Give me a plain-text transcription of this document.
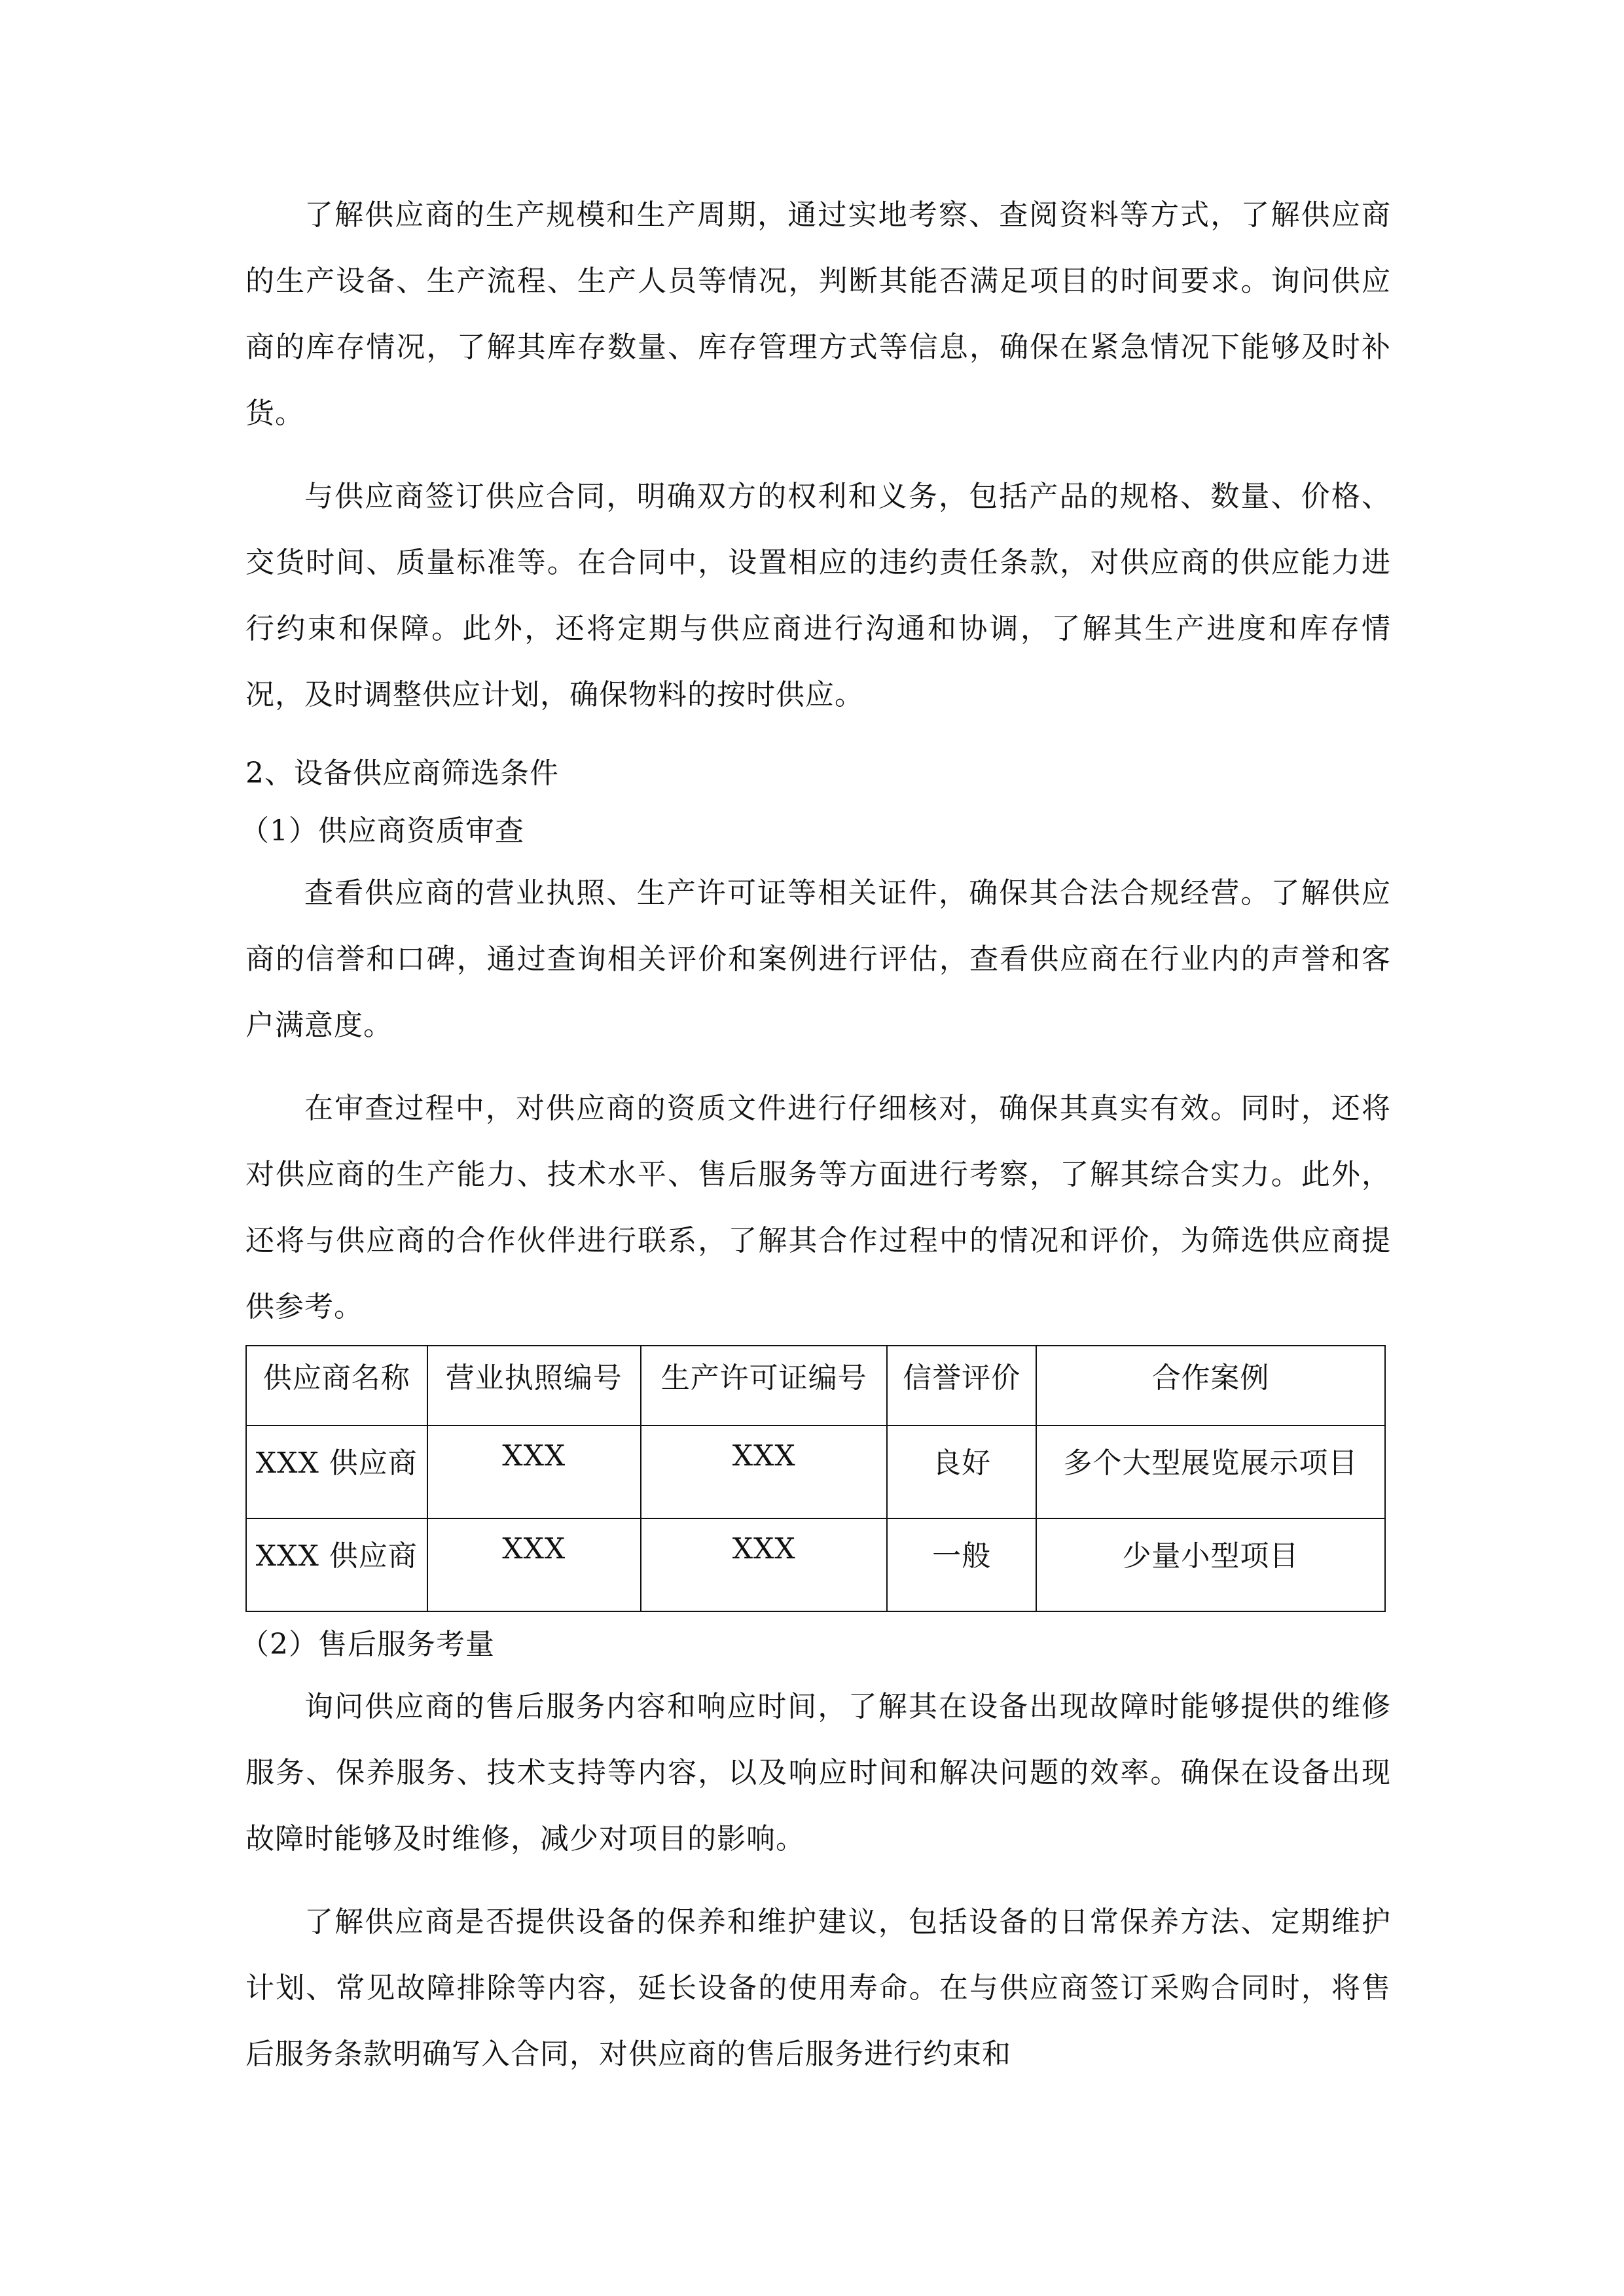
了解供应商的生产规模和生产周期，通过实地考察、查阅资料等方式，了解供应商的生产设备、生产流程、生产人员等情况，判断其能否满足项目的时间要求。询问供应商的库存情况，了解其库存数量、库存管理方式等信息，确保在紧急情况下能够及时补货。

与供应商签订供应合同，明确双方的权利和义务，包括产品的规格、数量、价格、交货时间、质量标准等。在合同中，设置相应的违约责任条款，对供应商的供应能力进行约束和保障。此外，还将定期与供应商进行沟通和协调，了解其生产进度和库存情况，及时调整供应计划，确保物料的按时供应。

2、设备供应商筛选条件

（1）供应商资质审查

查看供应商的营业执照、生产许可证等相关证件，确保其合法合规经营。了解供应商的信誉和口碑，通过查询相关评价和案例进行评估，查看供应商在行业内的声誉和客户满意度。

在审查过程中，对供应商的资质文件进行仔细核对，确保其真实有效。同时，还将对供应商的生产能力、技术水平、售后服务等方面进行考察，了解其综合实力。此外，还将与供应商的合作伙伴进行联系，了解其合作过程中的情况和评价，为筛选供应商提供参考。

供应商名称	营业执照编号	生产许可证编号	信誉评价	合作案例
XXX 供应商	XXX	XXX	良好	多个大型展览展示项目
XXX 供应商	XXX	XXX	一般	少量小型项目

（2）售后服务考量

询问供应商的售后服务内容和响应时间，了解其在设备出现故障时能够提供的维修服务、保养服务、技术支持等内容，以及响应时间和解决问题的效率。确保在设备出现故障时能够及时维修，减少对项目的影响。

了解供应商是否提供设备的保养和维护建议，包括设备的日常保养方法、定期维护计划、常见故障排除等内容，延长设备的使用寿命。在与供应商签订采购合同时，将售后服务条款明确写入合同，对供应商的售后服务进行约束和
